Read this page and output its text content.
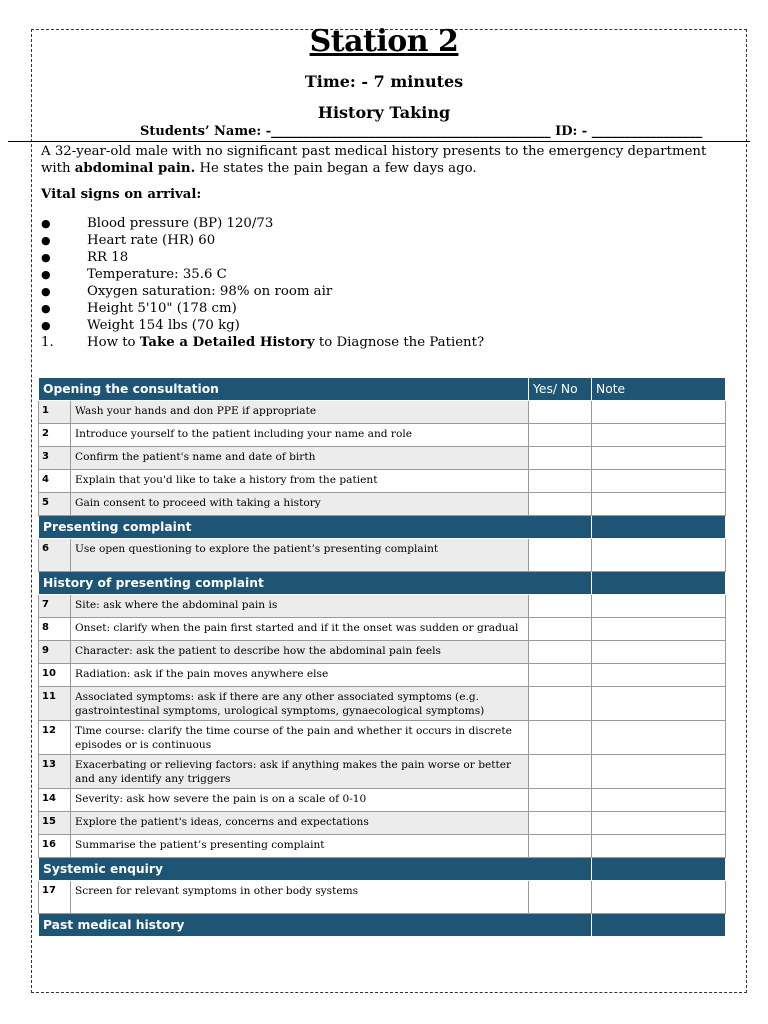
Station 2
Time: - 7 minutes
History Taking
Students’ Name: -___________________________________________ ID: - _________________
A 32-year-old male with no significant past medical history presents to the emergency department with abdominal pain. He states the pain began a few days ago.
Vital signs on arrival:
●	Blood pressure (BP) 120/73
●	Heart rate (HR) 60
●	RR 18
●	Temperature: 35.6 C
●	Oxygen saturation: 98% on room air
●	Height 5'10" (178 cm)
●	Weight 154 lbs (70 kg)
1.	How to Take a Detailed History to Diagnose the Patient?
Opening the consultation		Yes/ No	Note
1	Wash your hands and don PPE if appropriate		
2	Introduce yourself to the patient including your name and role		
3	Confirm the patient's name and date of birth		
4	Explain that you'd like to take a history from the patient		
5	Gain consent to proceed with taking a history		
Presenting complaint			
6	Use open questioning to explore the patient’s presenting complaint		
History of presenting complaint			
7	Site: ask where the abdominal pain is		
8	Onset: clarify when the pain first started and if it the onset was sudden or gradual		
9	Character: ask the patient to describe how the abdominal pain feels		
10	Radiation: ask if the pain moves anywhere else		
11	Associated symptoms: ask if there are any other associated symptoms (e.g. gastrointestinal symptoms, urological symptoms, gynaecological symptoms)		
12	Time course: clarify the time course of the pain and whether it occurs in discrete episodes or is continuous		
13	Exacerbating or relieving factors: ask if anything makes the pain worse or better and any identify any triggers		
14	Severity: ask how severe the pain is on a scale of 0-10		
15	Explore the patient's ideas, concerns and expectations		
16	Summarise the patient’s presenting complaint		
Systemic enquiry			
17	Screen for relevant symptoms in other body systems		
Past medical history			
